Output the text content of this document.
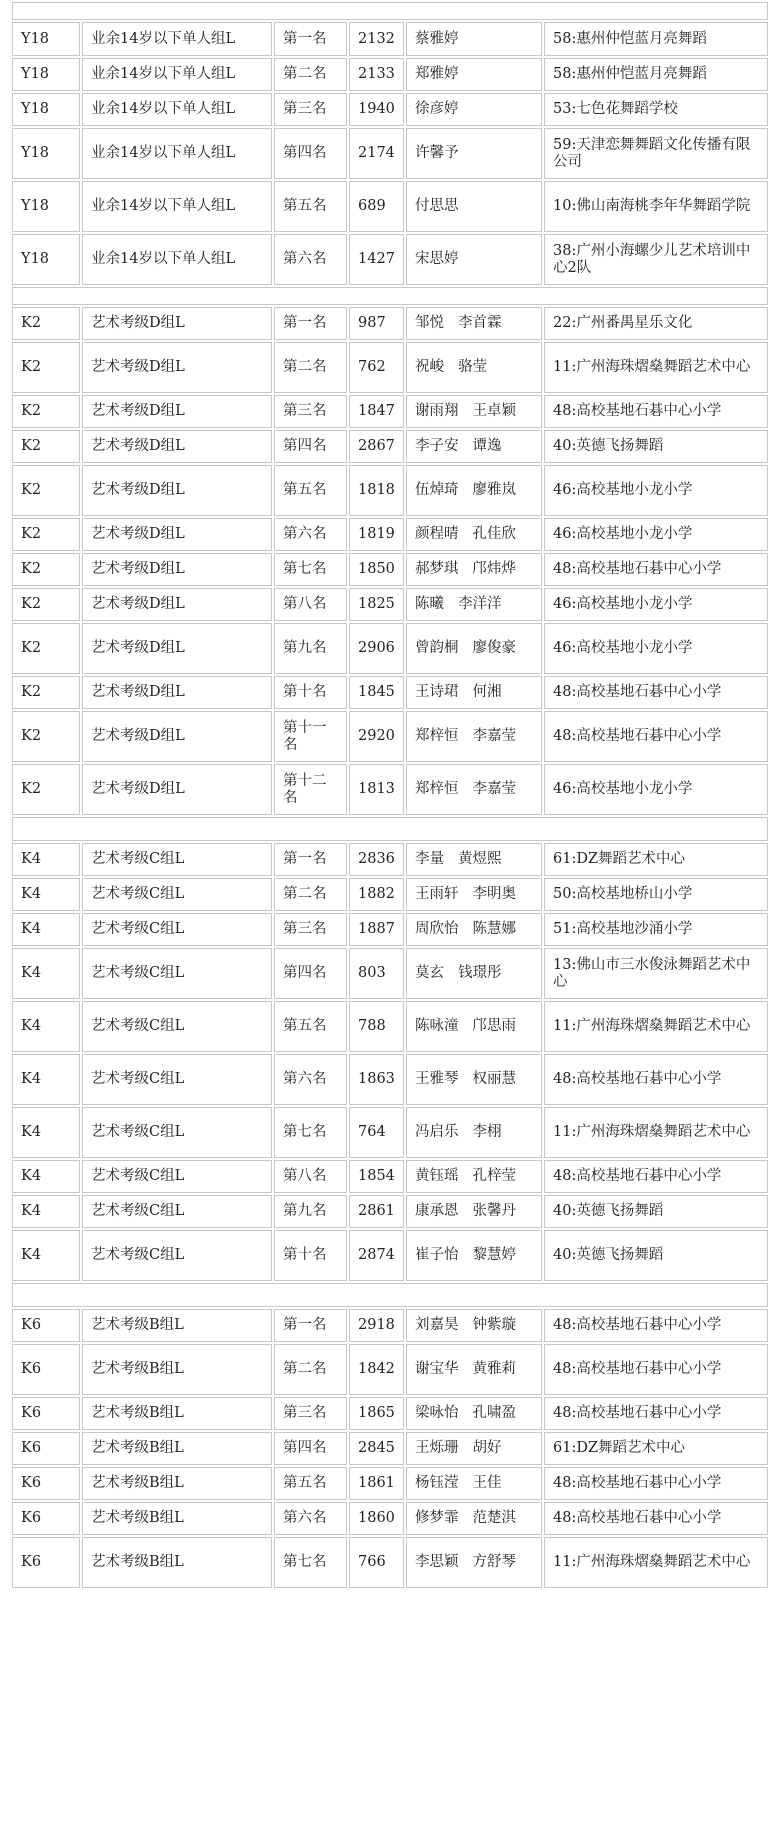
Y18	业余14岁以下单人组L	第一名	2132	蔡雅婷	58:惠州仲恺蓝月亮舞蹈
Y18	业余14岁以下单人组L	第二名	2133	郑雅婷	58:惠州仲恺蓝月亮舞蹈
Y18	业余14岁以下单人组L	第三名	1940	徐彦婷	53:七色花舞蹈学校
Y18	业余14岁以下单人组L	第四名	2174	许馨予	59:天津恋舞舞蹈文化传播有限公司
Y18	业余14岁以下单人组L	第五名	689	付思思	10:佛山南海桃李年华舞蹈学院
Y18	业余14岁以下单人组L	第六名	1427	宋思婷	38:广州小海螺少儿艺术培训中心2队

K2	艺术考级D组L	第一名	987	邹悦 李首霖	22:广州番禺星乐文化
K2	艺术考级D组L	第二名	762	祝峻 骆莹	11:广州海珠熠燊舞蹈艺术中心
K2	艺术考级D组L	第三名	1847	谢雨翔 王卓颖	48:高校基地石碁中心小学
K2	艺术考级D组L	第四名	2867	李子安 谭逸	40:英德飞扬舞蹈
K2	艺术考级D组L	第五名	1818	伍焯琦 廖雅岚	46:高校基地小龙小学
K2	艺术考级D组L	第六名	1819	颜程晴 孔佳欣	46:高校基地小龙小学
K2	艺术考级D组L	第七名	1850	郝梦琪 邝炜烨	48:高校基地石碁中心小学
K2	艺术考级D组L	第八名	1825	陈曦 李洋洋	46:高校基地小龙小学
K2	艺术考级D组L	第九名	2906	曾韵桐 廖俊豪	46:高校基地小龙小学
K2	艺术考级D组L	第十名	1845	王诗珺 何湘	48:高校基地石碁中心小学
K2	艺术考级D组L	第十一名	2920	郑梓恒 李嘉莹	48:高校基地石碁中心小学
K2	艺术考级D组L	第十二名	1813	郑梓恒 李嘉莹	46:高校基地小龙小学

K4	艺术考级C组L	第一名	2836	李量 黄煜熙	61:DZ舞蹈艺术中心
K4	艺术考级C组L	第二名	1882	王雨轩 李明奥	50:高校基地桥山小学
K4	艺术考级C组L	第三名	1887	周欣怡 陈慧娜	51:高校基地沙涌小学
K4	艺术考级C组L	第四名	803	莫玄 钱璟彤	13:佛山市三水俊泳舞蹈艺术中心
K4	艺术考级C组L	第五名	788	陈咏潼 邝思雨	11:广州海珠熠燊舞蹈艺术中心
K4	艺术考级C组L	第六名	1863	王雅琴 权丽慧	48:高校基地石碁中心小学
K4	艺术考级C组L	第七名	764	冯启乐 李栩	11:广州海珠熠燊舞蹈艺术中心
K4	艺术考级C组L	第八名	1854	黄钰瑶 孔梓莹	48:高校基地石碁中心小学
K4	艺术考级C组L	第九名	2861	康承恩 张馨丹	40:英德飞扬舞蹈
K4	艺术考级C组L	第十名	2874	崔子怡 黎慧婷	40:英德飞扬舞蹈

K6	艺术考级B组L	第一名	2918	刘嘉昊 钟紫璇	48:高校基地石碁中心小学
K6	艺术考级B组L	第二名	1842	谢宝华 黄雅莉	48:高校基地石碁中心小学
K6	艺术考级B组L	第三名	1865	梁咏怡 孔啸盈	48:高校基地石碁中心小学
K6	艺术考级B组L	第四名	2845	王烁珊 胡好	61:DZ舞蹈艺术中心
K6	艺术考级B组L	第五名	1861	杨钰滢 王佳	48:高校基地石碁中心小学
K6	艺术考级B组L	第六名	1860	修梦霏 范楚淇	48:高校基地石碁中心小学
K6	艺术考级B组L	第七名	766	李思颖 方舒琴	11:广州海珠熠燊舞蹈艺术中心
